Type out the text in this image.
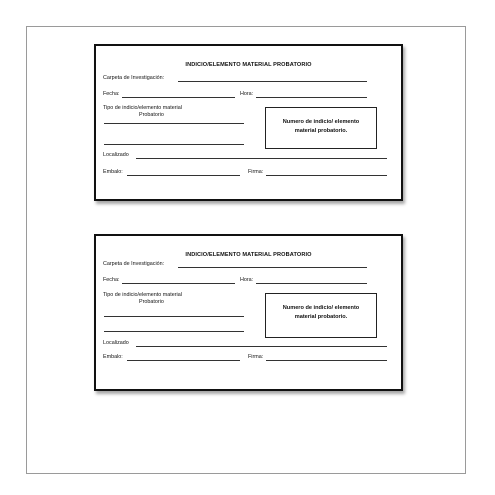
INDICIO/ELEMENTO MATERIAL PROBATORIO
Carpeta de Investigación:
Fecha:	Hora:
Tipo de indicio/elemento material
Probatorio
Numero de indicio/ elemento
material probatorio.
Localizado
Embalo:	Firma:
INDICIO/ELEMENTO MATERIAL PROBATORIO
Carpeta de Investigación:
Fecha:	Hora:
Tipo de indicio/elemento material
Probatorio
Numero de indicio/ elemento
material probatorio.
Localizado
Embalo:	Firma:
